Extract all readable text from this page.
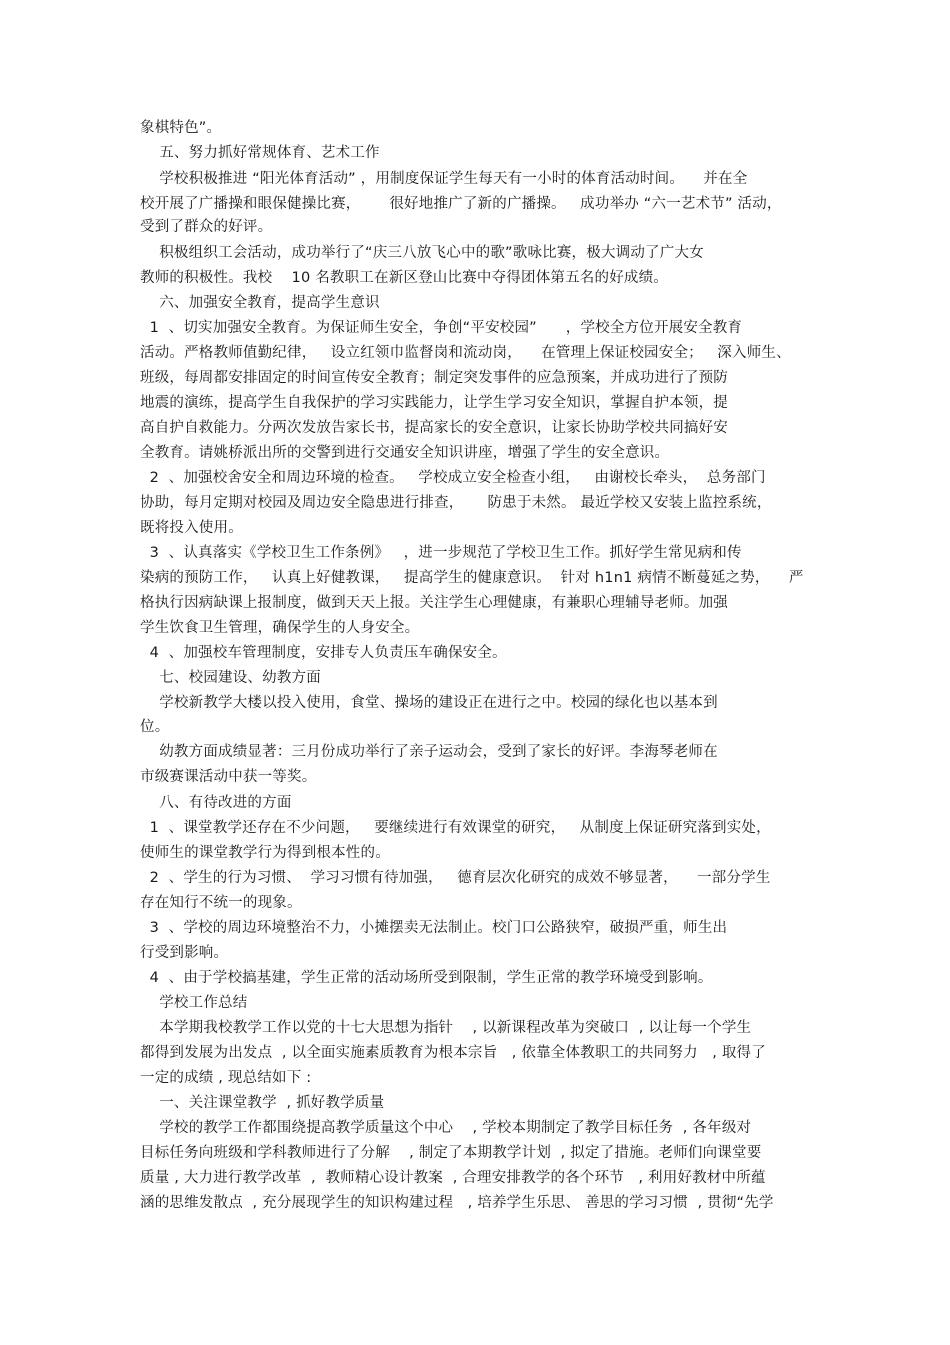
象棋特色”。
五、努力抓好常规体育、艺术工作
学校积极推进 “阳光体育活动” ，用制度保证学生每天有一小时的体育活动时间。    并在全
校开展了广播操和眼保健操比赛，      很好地推广了新的广播操。   成功举办 “六一艺术节” 活动，
受到了群众的好评。
积极组织工会活动，成功举行了“庆三八放飞心中的歌”歌咏比赛，极大调动了广大女
教师的积极性。我校    10 名教职工在新区登山比赛中夺得团体第五名的好成绩。
六、加强安全教育，提高学生意识
1  、切实加强安全教育。为保证师生安全，争创“平安校园”      ，学校全方位开展安全教育
活动。严格教师值勤纪律，   设立红领巾监督岗和流动岗，    在管理上保证校园安全；   深入师生、
班级，每周都安排固定的时间宣传安全教育；制定突发事件的应急预案，并成功进行了预防
地震的演练，提高学生自我保护的学习实践能力，让学生学习安全知识，掌握自护本领，提
高自护自救能力。分两次发放告家长书，提高家长的安全意识，让家长协助学校共同搞好安
全教育。请姚桥派出所的交警到进行交通安全知识讲座，增强了学生的安全意识。
2  、加强校舍安全和周边环境的检查。   学校成立安全检查小组，   由谢校长牵头，  总务部门
协助，每月定期对校园及周边安全隐患进行排查，     防患于未然。 最近学校又安装上监控系统，
既将投入使用。
3  、认真落实《学校卫生工作条例》   ，进一步规范了学校卫生工作。抓好学生常见病和传
染病的预防工作，   认真上好健教课，   提高学生的健康意识。  针对 h1n1 病情不断蔓延之势，    严
格执行因病缺课上报制度，做到天天上报。关注学生心理健康，有兼职心理辅导老师。加强
学生饮食卫生管理，确保学生的人身安全。
4  、加强校车管理制度，安排专人负责压车确保安全。
七、校园建设、幼教方面
学校新教学大楼以投入使用，食堂、操场的建设正在进行之中。校园的绿化也以基本到
位。
幼教方面成绩显著：三月份成功举行了亲子运动会，受到了家长的好评。李海琴老师在
市级赛课活动中获一等奖。
八、有待改进的方面
1  、课堂教学还存在不少问题，   要继续进行有效课堂的研究，   从制度上保证研究落到实处，
使师生的课堂教学行为得到根本性的。
2  、学生的行为习惯、  学习习惯有待加强，   德育层次化研究的成效不够显著，    一部分学生
存在知行不统一的现象。
3  、学校的周边环境整治不力，小摊摆卖无法制止。校门口公路狭窄，破损严重，师生出
行受到影响。
4  、由于学校搞基建，学生正常的活动场所受到限制，学生正常的教学环境受到影响。
学校工作总结
本学期我校教学工作以党的十七大思想为指针    , 以新课程改革为突破口  , 以让每一个学生
都得到发展为出发点  , 以全面实施素质教育为根本宗旨   , 依靠全体教职工的共同努力   , 取得了
一定的成绩 , 现总结如下 :
一、关注课堂教学  , 抓好教学质量
学校的教学工作都围绕提高教学质量这个中心    , 学校本期制定了教学目标任务  , 各年级对
目标任务向班级和学科教师进行了分解    , 制定了本期教学计划  , 拟定了措施。老师们向课堂要
质量 , 大力进行教学改革  ,  教师精心设计教案  , 合理安排教学的各个环节   , 利用好教材中所蕴
涵的思维发散点  , 充分展现学生的知识构建过程   , 培养学生乐思、 善思的学习习惯  , 贯彻“先学
